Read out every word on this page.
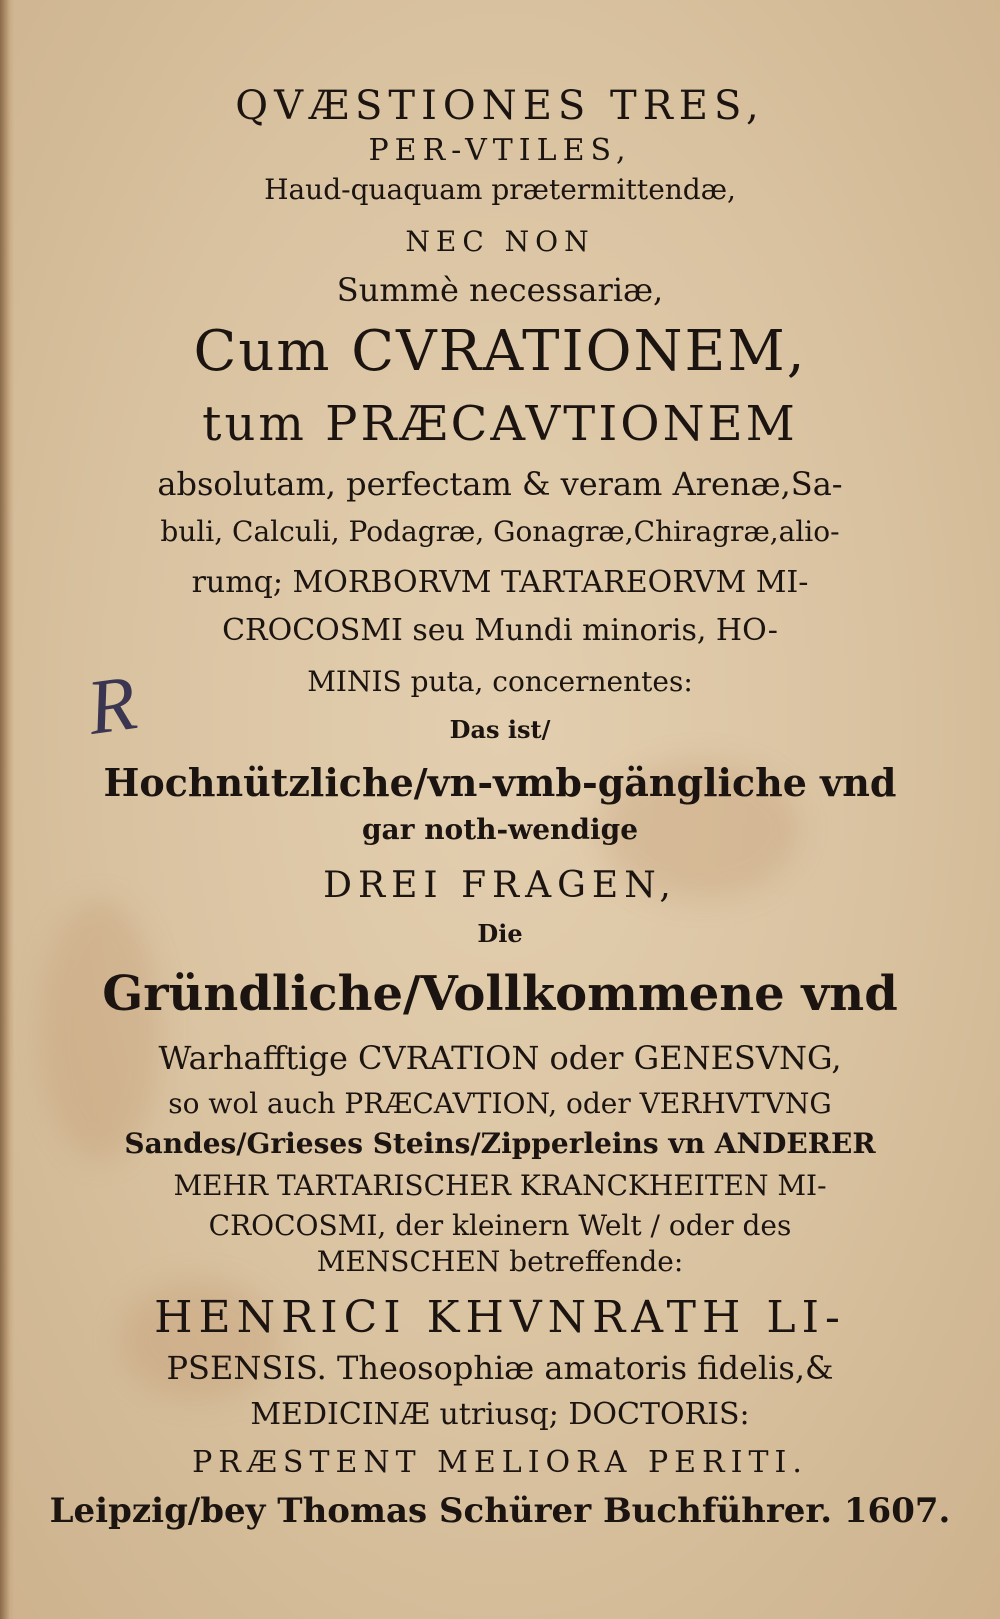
QVÆSTIONES TRES,
PER-VTILES,
Haud-quaquam prætermittendæ,
NEC NON
Summè necessariæ,
Cum CVRATIONEM,
tum PRÆCAVTIONEM
absolutam, perfectam & veram Arenæ,Sa-
buli, Calculi, Podagræ, Gonagræ,Chiragræ,alio-
rumq; MORBORVM TARTAREORVM MI-
CROCOSMI seu Mundi minoris, HO-
MINIS puta, concernentes:
Das ist/
Hochnützliche/vn-vmb-gängliche vnd
gar noth-wendige
DREI FRAGEN,
Die
Gründliche/Vollkommene vnd
Warhafftige CVRATION oder GENESVNG,
so wol auch PRÆCAVTION, oder VERHVTVNG
Sandes/Grieses Steins/Zipperleins vn ANDERER
MEHR TARTARISCHER KRANCKHEITEN MI-
CROCOSMI, der kleinern Welt / oder des
MENSCHEN betreffende:
HENRICI KHVNRATH LI-
PSENSIS. Theosophiæ amatoris fidelis,&
MEDICINÆ utriusq; DOCTORIS:
PRÆSTENT MELIORA PERITI.
Leipzig/bey Thomas Schürer Buchführer. 1607.
R
